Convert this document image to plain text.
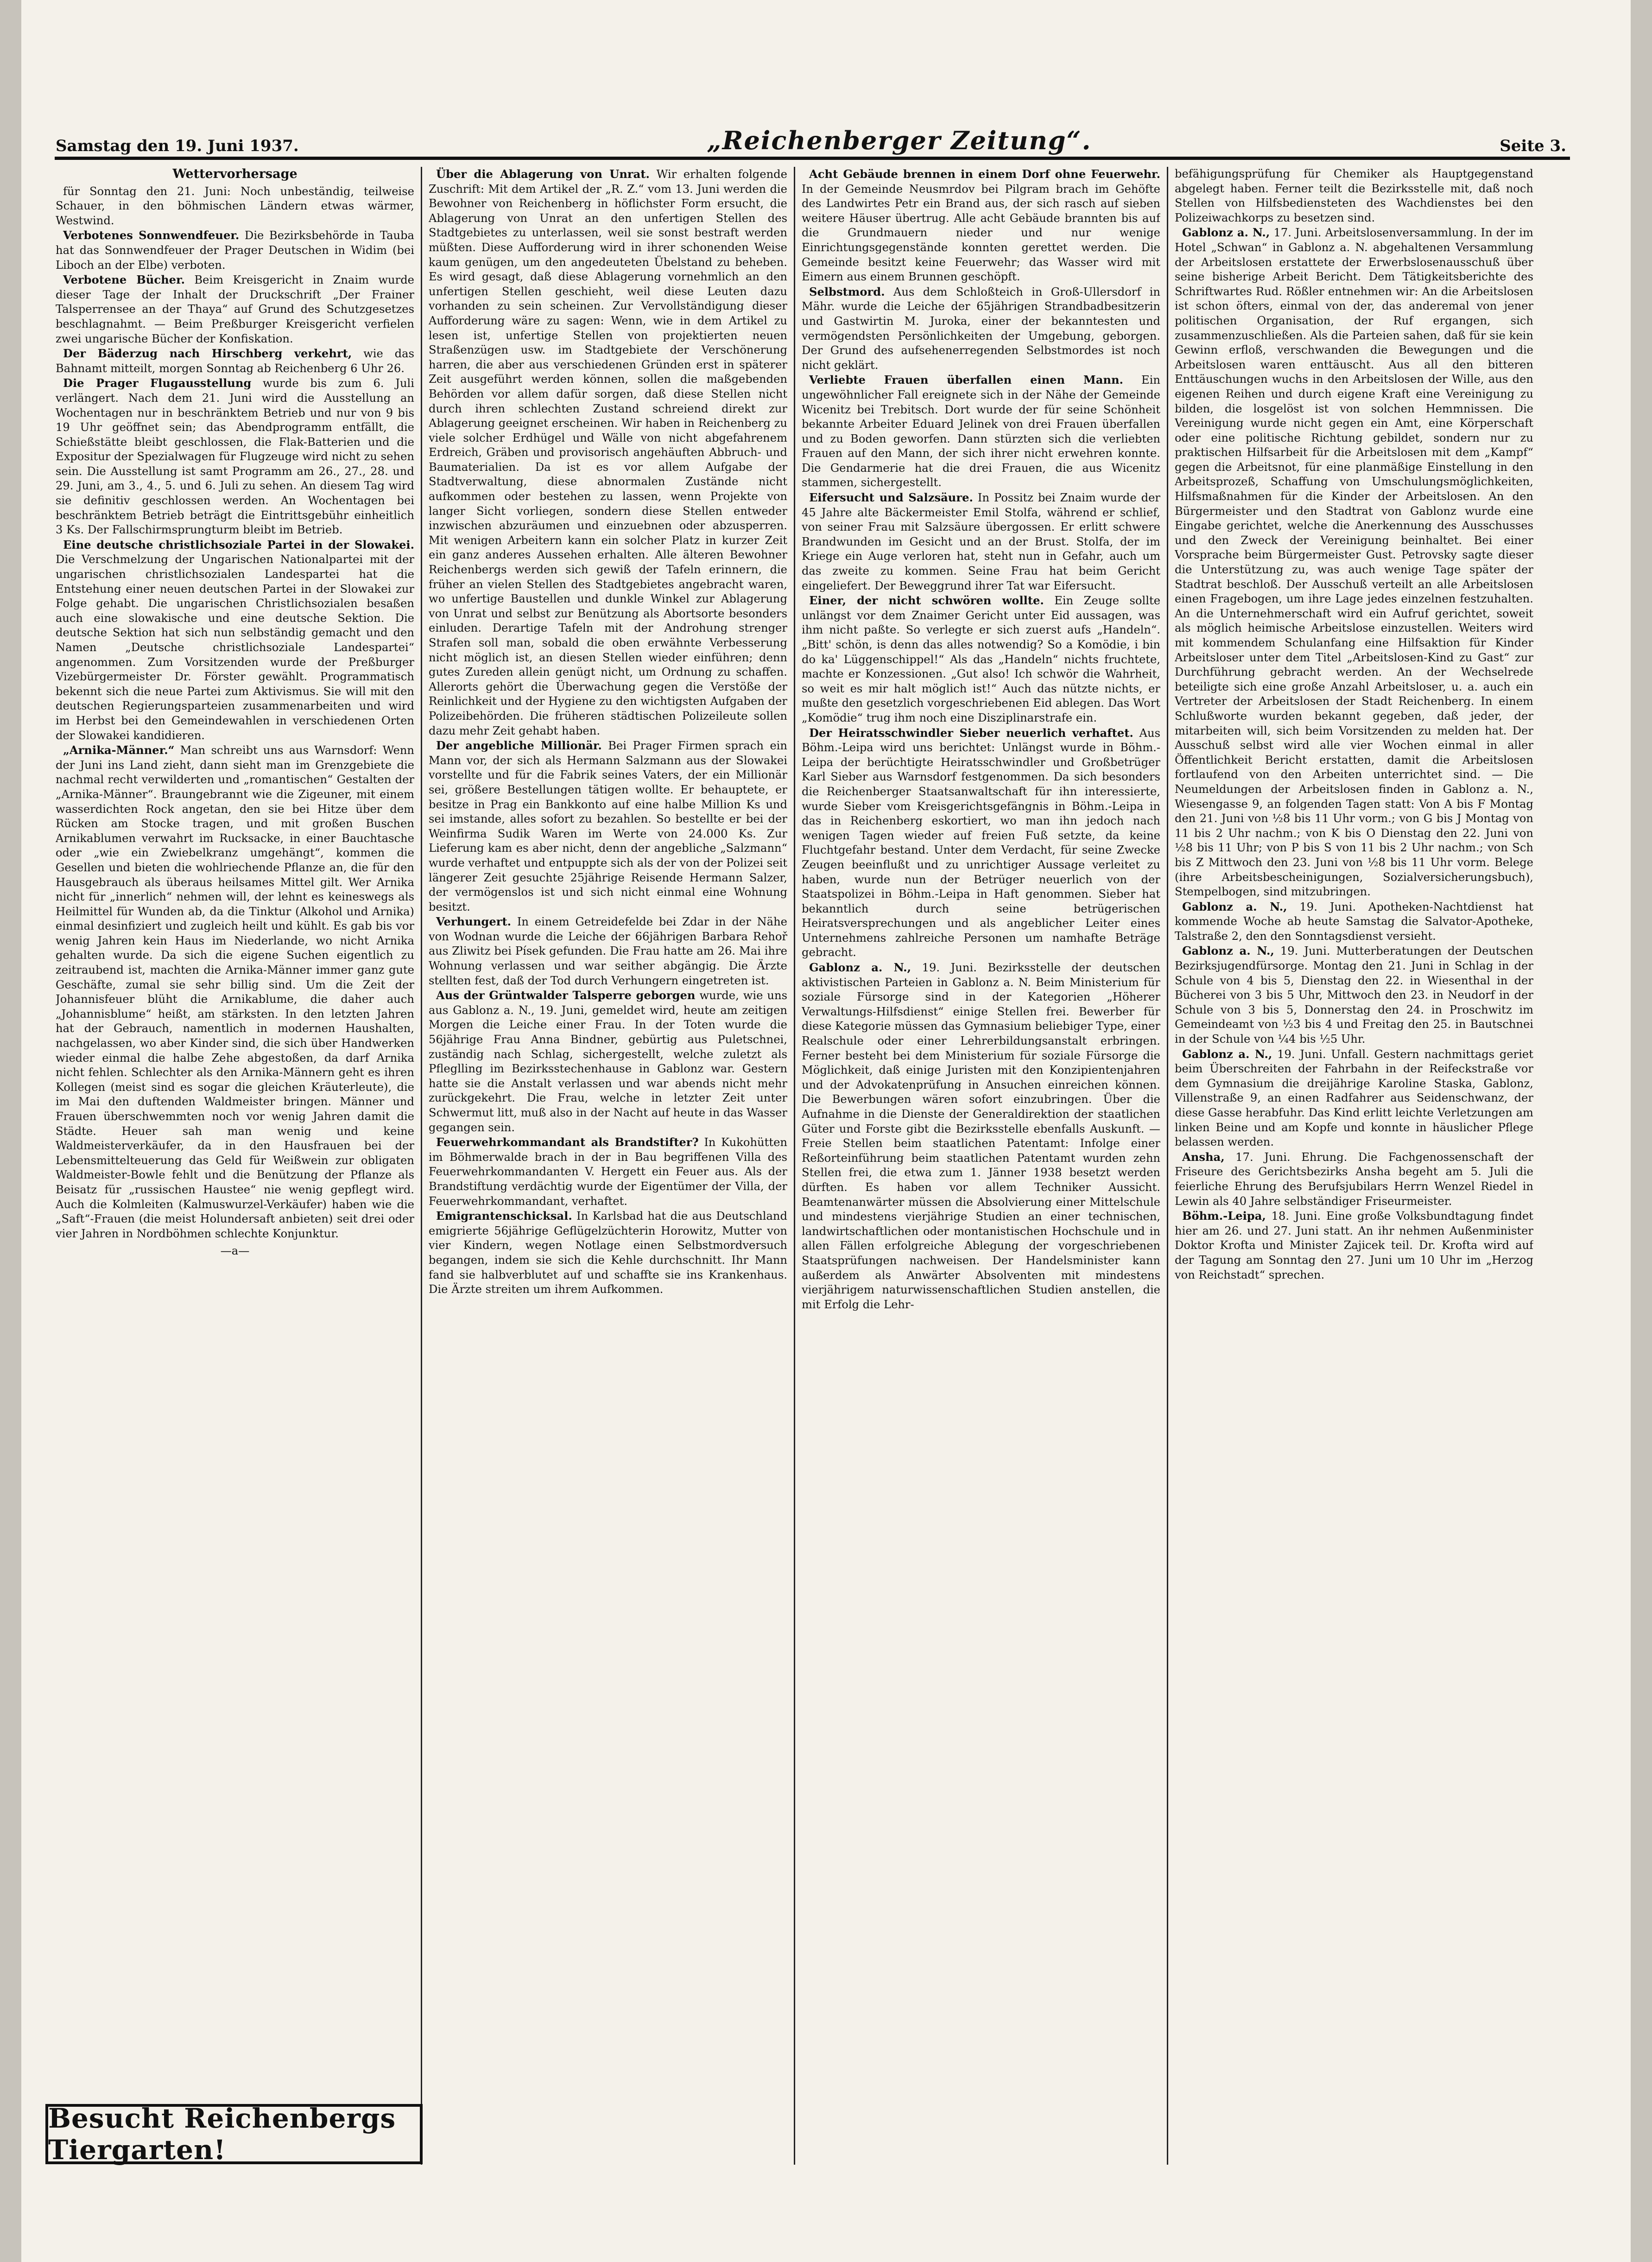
Samstag den 19. Juni 1937.	„Reichenberger Zeitung“.	Seite 3.
Wettervorhersage

für Sonntag den 21. Juni: Noch unbeständig, teilweise Schauer, in den böhmischen Ländern etwas wärmer, Westwind.

Verbotenes Sonnwendfeuer. Die Bezirksbehörde in Tauba hat das Sonnwendfeuer der Prager Deutschen in Widim (bei Liboch an der Elbe) verboten.

Verbotene Bücher. Beim Kreisgericht in Znaim wurde dieser Tage der Inhalt der Druckschrift „Der Frainer Talsperrensee an der Thaya“ auf Grund des Schutzgesetzes beschlagnahmt. — Beim Preßburger Kreisgericht verfielen zwei ungarische Bücher der Konfiskation.

Der Bäderzug nach Hirschberg verkehrt, wie das Bahnamt mitteilt, morgen Sonntag ab Reichenberg 6 Uhr 26.

Die Prager Flugausstellung wurde bis zum 6. Juli verlängert. Nach dem 21. Juni wird die Ausstellung an Wochentagen nur in beschränktem Betrieb und nur von 9 bis 19 Uhr geöffnet sein; das Abendprogramm entfällt, die Schießstätte bleibt geschlossen, die Flak-Batterien und die Expositur der Spezialwagen für Flugzeuge wird nicht zu sehen sein. Die Ausstellung ist samt Programm am 26., 27., 28. und 29. Juni, am 3., 4., 5. und 6. Juli zu sehen. An diesem Tag wird sie definitiv geschlossen werden. An Wochentagen bei beschränktem Betrieb beträgt die Eintrittsgebühr einheitlich 3 Ks. Der Fallschirmsprungturm bleibt im Betrieb.

Eine deutsche christlichsoziale Partei in der Slowakei. Die Verschmelzung der Ungarischen Nationalpartei mit der ungarischen christlichsozialen Landespartei hat die Entstehung einer neuen deutschen Partei in der Slowakei zur Folge gehabt. Die ungarischen Christlichsozialen besaßen auch eine slowakische und eine deutsche Sektion. Die deutsche Sektion hat sich nun selbständig gemacht und den Namen „Deutsche christlichsoziale Landespartei“ angenommen. Zum Vorsitzenden wurde der Preßburger Vizebürgermeister Dr. Förster gewählt. Programmatisch bekennt sich die neue Partei zum Aktivismus. Sie will mit den deutschen Regierungsparteien zusammenarbeiten und wird im Herbst bei den Gemeindewahlen in verschiedenen Orten der Slowakei kandidieren.

„Arnika-Männer.“ Man schreibt uns aus Warnsdorf: Wenn der Juni ins Land zieht, dann sieht man im Grenzgebiete die nachmal recht verwilderten und „romantischen“ Gestalten der „Arnika-Männer“. Braungebrannt wie die Zigeuner, mit einem wasserdichten Rock angetan, den sie bei Hitze über dem Rücken am Stocke tragen, und mit großen Buschen Arnikablumen verwahrt im Rucksacke, in einer Bauchtasche oder „wie ein Zwiebelkranz umgehängt“, kommen die Gesellen und bieten die wohlriechende Pflanze an, die für den Hausgebrauch als überaus heilsames Mittel gilt. Wer Arnika nicht für „innerlich“ nehmen will, der lehnt es keineswegs als Heilmittel für Wunden ab, da die Tinktur (Alkohol und Arnika) einmal desinfiziert und zugleich heilt und kühlt. Es gab bis vor wenig Jahren kein Haus im Niederlande, wo nicht Arnika gehalten wurde. Da sich die eigene Suchen eigentlich zu zeitraubend ist, machten die Arnika-Männer immer ganz gute Geschäfte, zumal sie sehr billig sind. Um die Zeit der Johannisfeuer blüht die Arnikablume, die daher auch „Johannisblume“ heißt, am stärksten. In den letzten Jahren hat der Gebrauch, namentlich in modernen Haushalten, nachgelassen, wo aber Kinder sind, die sich über Handwerken wieder einmal die halbe Zehe abgestoßen, da darf Arnika nicht fehlen. Schlechter als den Arnika-Männern geht es ihren Kollegen (meist sind es sogar die gleichen Kräuterleute), die im Mai den duftenden Waldmeister bringen. Männer und Frauen überschwemmten noch vor wenig Jahren damit die Städte. Heuer sah man wenig und keine Waldmeisterverkäufer, da in den Hausfrauen bei der Lebensmittelteuerung das Geld für Weißwein zur obligaten Waldmeister-Bowle fehlt und die Benützung der Pflanze als Beisatz für „russischen Haustee“ nie wenig gepflegt wird. Auch die Kolmleiten (Kalmuswurzel-Verkäufer) haben wie die „Saft“-Frauen (die meist Holundersaft anbieten) seit drei oder vier Jahren in Nordböhmen schlechte Konjunktur.

—a—

Über die Ablagerung von Unrat. Wir erhalten folgende Zuschrift: Mit dem Artikel der „R. Z.“ vom 13. Juni werden die Bewohner von Reichenberg in höflichster Form ersucht, die Ablagerung von Unrat an den unfertigen Stellen des Stadtgebietes zu unterlassen, weil sie sonst bestraft werden müßten. Diese Aufforderung wird in ihrer schonenden Weise kaum genügen, um den angedeuteten Übelstand zu beheben. Es wird gesagt, daß diese Ablagerung vornehmlich an den unfertigen Stellen geschieht, weil diese Leuten dazu vorhanden zu sein scheinen. Zur Vervollständigung dieser Aufforderung wäre zu sagen: Wenn, wie in dem Artikel zu lesen ist, unfertige Stellen von projektierten neuen Straßenzügen usw. im Stadtgebiete der Verschönerung harren, die aber aus verschiedenen Gründen erst in späterer Zeit ausgeführt werden können, sollen die maßgebenden Behörden vor allem dafür sorgen, daß diese Stellen nicht durch ihren schlechten Zustand schreiend direkt zur Ablagerung geeignet erscheinen. Wir haben in Reichenberg zu viele solcher Erdhügel und Wälle von nicht abgefahrenem Erdreich, Gräben und provisorisch angehäuften Abbruch- und Baumaterialien. Da ist es vor allem Aufgabe der Stadtverwaltung, diese abnormalen Zustände nicht aufkommen oder bestehen zu lassen, wenn Projekte von langer Sicht vorliegen, sondern diese Stellen entweder inzwischen abzuräumen und einzuebnen oder abzusperren. Mit wenigen Arbeitern kann ein solcher Platz in kurzer Zeit ein ganz anderes Aussehen erhalten. Alle älteren Bewohner Reichenbergs werden sich gewiß der Tafeln erinnern, die früher an vielen Stellen des Stadtgebietes angebracht waren, wo unfertige Baustellen und dunkle Winkel zur Ablagerung von Unrat und selbst zur Benützung als Abortsorte besonders einluden. Derartige Tafeln mit der Androhung strenger Strafen soll man, sobald die oben erwähnte Verbesserung nicht möglich ist, an diesen Stellen wieder einführen; denn gutes Zureden allein genügt nicht, um Ordnung zu schaffen. Allerorts gehört die Überwachung gegen die Verstöße der Reinlichkeit und der Hygiene zu den wichtigsten Aufgaben der Polizeibehörden. Die früheren städtischen Polizeileute sollen dazu mehr Zeit gehabt haben.

Der angebliche Millionär. Bei Prager Firmen sprach ein Mann vor, der sich als Hermann Salzmann aus der Slowakei vorstellte und für die Fabrik seines Vaters, der ein Millionär sei, größere Bestellungen tätigen wollte. Er behauptete, er besitze in Prag ein Bankkonto auf eine halbe Million Ks und sei imstande, alles sofort zu bezahlen. So bestellte er bei der Weinfirma Sudik Waren im Werte von 24.000 Ks. Zur Lieferung kam es aber nicht, denn der angebliche „Salzmann“ wurde verhaftet und entpuppte sich als der von der Polizei seit längerer Zeit gesuchte 25jährige Reisende Hermann Salzer, der vermögenslos ist und sich nicht einmal eine Wohnung besitzt.

Verhungert. In einem Getreidefelde bei Zdar in der Nähe von Wodnan wurde die Leiche der 66jährigen Barbara Rehoř aus Zliwitz bei Písek gefunden. Die Frau hatte am 26. Mai ihre Wohnung verlassen und war seither abgängig. Die Ärzte stellten fest, daß der Tod durch Verhungern eingetreten ist.

Aus der Grüntwalder Talsperre geborgen wurde, wie uns aus Gablonz a. N., 19. Juni, gemeldet wird, heute am zeitigen Morgen die Leiche einer Frau. In der Toten wurde die 56jährige Frau Anna Bindner, gebürtig aus Puletschnei, zuständig nach Schlag, sichergestellt, welche zuletzt als Pfleglling im Bezirksstechenhause in Gablonz war. Gestern hatte sie die Anstalt verlassen und war abends nicht mehr zurückgekehrt. Die Frau, welche in letzter Zeit unter Schwermut litt, muß also in der Nacht auf heute in das Wasser gegangen sein.

Feuerwehrkommandant als Brandstifter? In Kukohütten im Böhmerwalde brach in der in Bau begriffenen Villa des Feuerwehrkommandanten V. Hergett ein Feuer aus. Als der Brandstiftung verdächtig wurde der Eigentümer der Villa, der Feuerwehrkommandant, verhaftet.

Emigrantenschicksal. In Karlsbad hat die aus Deutschland emigrierte 56jährige Geflügelzüchterin Horowitz, Mutter von vier Kindern, wegen Notlage einen Selbstmordversuch begangen, indem sie sich die Kehle durchschnitt. Ihr Mann fand sie halbverblutet auf und schaffte sie ins Krankenhaus. Die Ärzte streiten um ihrem Aufkommen.

Acht Gebäude brennen in einem Dorf ohne Feuerwehr. In der Gemeinde Neusmrdov bei Pilgram brach im Gehöfte des Landwirtes Petr ein Brand aus, der sich rasch auf sieben weitere Häuser übertrug. Alle acht Gebäude brannten bis auf die Grundmauern nieder und nur wenige Einrichtungsgegenstände konnten gerettet werden. Die Gemeinde besitzt keine Feuerwehr; das Wasser wird mit Eimern aus einem Brunnen geschöpft.

Selbstmord. Aus dem Schloßteich in Groß-Ullersdorf in Mähr. wurde die Leiche der 65jährigen Strandbadbesitzerin und Gastwirtin M. Juroka, einer der bekanntesten und vermögendsten Persönlichkeiten der Umgebung, geborgen. Der Grund des aufsehenerregenden Selbstmordes ist noch nicht geklärt.

Verliebte Frauen überfallen einen Mann. Ein ungewöhnlicher Fall ereignete sich in der Nähe der Gemeinde Wicenitz bei Trebitsch. Dort wurde der für seine Schönheit bekannte Arbeiter Eduard Jelinek von drei Frauen überfallen und zu Boden geworfen. Dann stürzten sich die verliebten Frauen auf den Mann, der sich ihrer nicht erwehren konnte. Die Gendarmerie hat die drei Frauen, die aus Wicenitz stammen, sichergestellt.

Eifersucht und Salzsäure. In Possitz bei Znaim wurde der 45 Jahre alte Bäckermeister Emil Stolfa, während er schlief, von seiner Frau mit Salzsäure übergossen. Er erlitt schwere Brandwunden im Gesicht und an der Brust. Stolfa, der im Kriege ein Auge verloren hat, steht nun in Gefahr, auch um das zweite zu kommen. Seine Frau hat beim Gericht eingeliefert. Der Beweggrund ihrer Tat war Eifersucht.

Einer, der nicht schwören wollte. Ein Zeuge sollte unlängst vor dem Znaimer Gericht unter Eid aussagen, was ihm nicht paßte. So verlegte er sich zuerst aufs „Handeln“. „Bitt' schön, is denn das alles notwendig? So a Komödie, i bin do ka' Lüggenschippel!“ Als das „Handeln“ nichts fruchtete, machte er Konzessionen. „Gut also! Ich schwör die Wahrheit, so weit es mir halt möglich ist!“ Auch das nützte nichts, er mußte den gesetzlich vorgeschriebenen Eid ablegen. Das Wort „Komödie“ trug ihm noch eine Disziplinarstrafe ein.

Der Heiratsschwindler Sieber neuerlich verhaftet. Aus Böhm.-Leipa wird uns berichtet: Unlängst wurde in Böhm.-Leipa der berüchtigte Heiratsschwindler und Großbetrüger Karl Sieber aus Warnsdorf festgenommen. Da sich besonders die Reichenberger Staatsanwaltschaft für ihn interessierte, wurde Sieber vom Kreisgerichtsgefängnis in Böhm.-Leipa in das in Reichenberg eskortiert, wo man ihn jedoch nach wenigen Tagen wieder auf freien Fuß setzte, da keine Fluchtgefahr bestand. Unter dem Verdacht, für seine Zwecke Zeugen beeinflußt und zu unrichtiger Aussage verleitet zu haben, wurde nun der Betrüger neuerlich von der Staatspolizei in Böhm.-Leipa in Haft genommen. Sieber hat bekanntlich durch seine betrügerischen Heiratsversprechungen und als angeblicher Leiter eines Unternehmens zahlreiche Personen um namhafte Beträge gebracht.

Gablonz a. N., 19. Juni. Bezirksstelle der deutschen aktivistischen Parteien in Gablonz a. N. Beim Ministerium für soziale Fürsorge sind in der Kategorien „Höherer Verwaltungs-Hilfsdienst“ einige Stellen frei. Bewerber für diese Kategorie müssen das Gymnasium beliebiger Type, einer Realschule oder einer Lehrerbildungsanstalt erbringen. Ferner besteht bei dem Ministerium für soziale Fürsorge die Möglichkeit, daß einige Juristen mit den Konzipientenjahren und der Advokatenprüfung in Ansuchen einreichen können. Die Bewerbungen wären sofort einzubringen. Über die Aufnahme in die Dienste der Generaldirektion der staatlichen Güter und Forste gibt die Bezirksstelle ebenfalls Auskunft. — Freie Stellen beim staatlichen Patentamt: Infolge einer Reßorteinführung beim staatlichen Patentamt wurden zehn Stellen frei, die etwa zum 1. Jänner 1938 besetzt werden dürften. Es haben vor allem Techniker Aussicht. Beamtenanwärter müssen die Absolvierung einer Mittelschule und mindestens vierjährige Studien an einer technischen, landwirtschaftlichen oder montanistischen Hochschule und in allen Fällen erfolgreiche Ablegung der vorgeschriebenen Staatsprüfungen nachweisen. Der Handelsminister kann außerdem als Anwärter Absolventen mit mindestens vierjährigem naturwissenschaftlichen Studien anstellen, die mit Erfolg die Lehr-

befähigungsprüfung für Chemiker als Hauptgegenstand abgelegt haben. Ferner teilt die Bezirksstelle mit, daß noch Stellen von Hilfsbediensteten des Wachdienstes bei den Polizeiwachkorps zu besetzen sind.

Gablonz a. N., 17. Juni. Arbeitslosenversammlung. In der im Hotel „Schwan“ in Gablonz a. N. abgehaltenen Versammlung der Arbeitslosen erstattete der Erwerbslosenausschuß über seine bisherige Arbeit Bericht. Dem Tätigkeitsberichte des Schriftwartes Rud. Rößler entnehmen wir: An die Arbeitslosen ist schon öfters, einmal von der, das anderemal von jener politischen Organisation, der Ruf ergangen, sich zusammenzuschließen. Als die Parteien sahen, daß für sie kein Gewinn erfloß, verschwanden die Bewegungen und die Arbeitslosen waren enttäuscht. Aus all den bitteren Enttäuschungen wuchs in den Arbeitslosen der Wille, aus den eigenen Reihen und durch eigene Kraft eine Vereinigung zu bilden, die losgelöst ist von solchen Hemmnissen. Die Vereinigung wurde nicht gegen ein Amt, eine Körperschaft oder eine politische Richtung gebildet, sondern nur zu praktischen Hilfsarbeit für die Arbeitslosen mit dem „Kampf“ gegen die Arbeitsnot, für eine planmäßige Einstellung in den Arbeitsprozeß, Schaffung von Umschulungsmöglichkeiten, Hilfsmaßnahmen für die Kinder der Arbeitslosen. An den Bürgermeister und den Stadtrat von Gablonz wurde eine Eingabe gerichtet, welche die Anerkennung des Ausschusses und den Zweck der Vereinigung beinhaltet. Bei einer Vorsprache beim Bürgermeister Gust. Petrovsky sagte dieser die Unterstützung zu, was auch wenige Tage später der Stadtrat beschloß. Der Ausschuß verteilt an alle Arbeitslosen einen Fragebogen, um ihre Lage jedes einzelnen festzuhalten. An die Unternehmerschaft wird ein Aufruf gerichtet, soweit als möglich heimische Arbeitslose einzustellen. Weiters wird mit kommendem Schulanfang eine Hilfsaktion für Kinder Arbeitsloser unter dem Titel „Arbeitslosen-Kind zu Gast“ zur Durchführung gebracht werden. An der Wechselrede beteiligte sich eine große Anzahl Arbeitsloser, u. a. auch ein Vertreter der Arbeitslosen der Stadt Reichenberg. In einem Schlußworte wurden bekannt gegeben, daß jeder, der mitarbeiten will, sich beim Vorsitzenden zu melden hat. Der Ausschuß selbst wird alle vier Wochen einmal in aller Öffentlichkeit Bericht erstatten, damit die Arbeitslosen fortlaufend von den Arbeiten unterrichtet sind. — Die Neumeldungen der Arbeitslosen finden in Gablonz a. N., Wiesengasse 9, an folgenden Tagen statt: Von A bis F Montag den 21. Juni von ½8 bis 11 Uhr vorm.; von G bis J Montag von 11 bis 2 Uhr nachm.; von K bis O Dienstag den 22. Juni von ½8 bis 11 Uhr; von P bis S von 11 bis 2 Uhr nachm.; von Sch bis Z Mittwoch den 23. Juni von ½8 bis 11 Uhr vorm. Belege (ihre Arbeitsbescheinigungen, Sozialversicherungsbuch), Stempelbogen, sind mitzubringen.

Gablonz a. N., 19. Juni. Apotheken-Nachtdienst hat kommende Woche ab heute Samstag die Salvator-Apotheke, Talstraße 2, den den Sonntagsdienst versieht.

Gablonz a. N., 19. Juni. Mutterberatungen der Deutschen Bezirksjugendfürsorge. Montag den 21. Juni in Schlag in der Schule von 4 bis 5, Dienstag den 22. in Wiesenthal in der Bücherei von 3 bis 5 Uhr, Mittwoch den 23. in Neudorf in der Schule von 3 bis 5, Donnerstag den 24. in Proschwitz im Gemeindeamt von ½3 bis 4 und Freitag den 25. in Bautschnei in der Schule von ¼4 bis ½5 Uhr.

Gablonz a. N., 19. Juni. Unfall. Gestern nachmittags geriet beim Überschreiten der Fahrbahn in der Reifeckstraße vor dem Gymnasium die dreijährige Karoline Staska, Gablonz, Villenstraße 9, an einen Radfahrer aus Seidenschwanz, der diese Gasse herabfuhr. Das Kind erlitt leichte Verletzungen am linken Beine und am Kopfe und konnte in häuslicher Pflege belassen werden.

Ansha, 17. Juni. Ehrung. Die Fachgenossenschaft der Friseure des Gerichtsbezirks Ansha begeht am 5. Juli die feierliche Ehrung des Berufsjubilars Herrn Wenzel Riedel in Lewin als 40 Jahre selbständiger Friseurmeister.

Böhm.-Leipa, 18. Juni. Eine große Volksbundtagung findet hier am 26. und 27. Juni statt. An ihr nehmen Außenminister Doktor Krofta und Minister Zajicek teil. Dr. Krofta wird auf der Tagung am Sonntag den 27. Juni um 10 Uhr im „Herzog von Reichstadt“ sprechen.

Besucht Reichenbergs Tiergarten!
